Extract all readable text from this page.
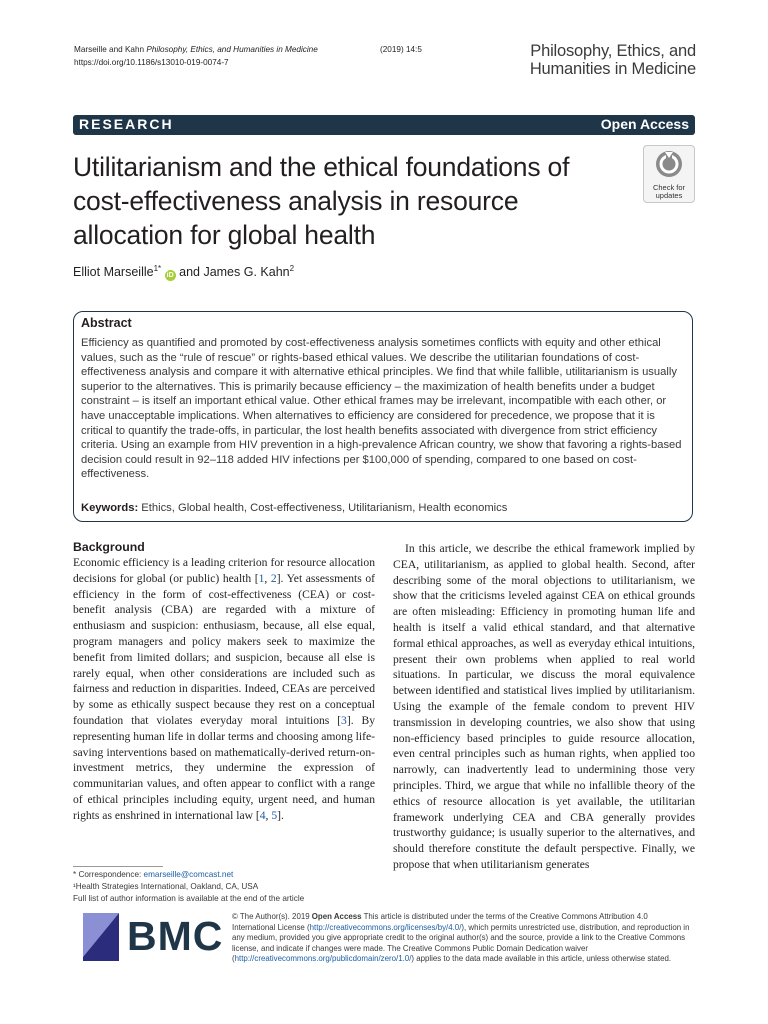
Marseille and Kahn Philosophy, Ethics, and Humanities in Medicine	(2019) 14:5
https://doi.org/10.1186/s13010-019-0074-7
Philosophy, Ethics, and
Humanities in Medicine
RESEARCH	Open Access
Utilitarianism and the ethical foundations of cost-effectiveness analysis in resource allocation for global health
Check for
updates
Elliot Marseille$^{1*}$ iD and James G. Kahn$^2$
Abstract
Efficiency as quantified and promoted by cost-effectiveness analysis sometimes conflicts with equity and other ethical values, such as the “rule of rescue” or rights-based ethical values. We describe the utilitarian foundations of cost-effectiveness analysis and compare it with alternative ethical principles. We find that while fallible, utilitarianism is usually superior to the alternatives. This is primarily because efficiency – the maximization of health benefits under a budget constraint – is itself an important ethical value. Other ethical frames may be irrelevant, incompatible with each other, or have unacceptable implications. When alternatives to efficiency are considered for precedence, we propose that it is critical to quantify the trade-offs, in particular, the lost health benefits associated with divergence from strict efficiency criteria. Using an example from HIV prevention in a high-prevalence African country, we show that favoring a rights-based decision could result in 92–118 added HIV infections per $100,000 of spending, compared to one based on cost-effectiveness.
Keywords: Ethics, Global health, Cost-effectiveness, Utilitarianism, Health economics
Background
Economic efficiency is a leading criterion for resource allocation decisions for global (or public) health [1, 2]. Yet assessments of efficiency in the form of cost-effectiveness (CEA) or cost-benefit analysis (CBA) are regarded with a mixture of enthusiasm and suspicion: enthusiasm, because, all else equal, program managers and policy makers seek to maximize the benefit from limited dollars; and suspicion, because all else is rarely equal, when other considerations are included such as fairness and reduction in disparities. Indeed, CEAs are perceived by some as ethically suspect because they rest on a conceptual foundation that violates everyday moral intuitions [3]. By representing human life in dollar terms and choosing among life-saving interventions based on mathematically-derived return-on-investment metrics, they undermine the expression of communitarian values, and often appear to conflict with a range of ethical principles including equity, urgent need, and human rights as enshrined in international law [4, 5].
In this article, we describe the ethical framework implied by CEA, utilitarianism, as applied to global health. Second, after describing some of the moral objections to utilitarianism, we show that the criticisms leveled against CEA on ethical grounds are often misleading: Efficiency in promoting human life and health is itself a valid ethical standard, and that alternative formal ethical approaches, as well as everyday ethical intuitions, present their own problems when applied to real world situations. In particular, we discuss the moral equivalence between identified and statistical lives implied by utilitarianism. Using the example of the female condom to prevent HIV transmission in developing countries, we also show that using non-efficiency based principles to guide resource allocation, even central principles such as human rights, when applied too narrowly, can inadvertently lead to undermining those very principles. Third, we argue that while no infallible theory of the ethics of resource allocation is yet available, the utilitarian framework underlying CEA and CBA generally provides trustworthy guidance; is usually superior to the alternatives, and should therefore constitute the default perspective. Finally, we propose that when utilitarianism generates
* Correspondence: emarseille@comcast.net
¹Health Strategies International, Oakland, CA, USA
Full list of author information is available at the end of the article
BMC © The Author(s). 2019 Open Access This article is distributed under the terms of the Creative Commons Attribution 4.0 International License (http://creativecommons.org/licenses/by/4.0/), which permits unrestricted use, distribution, and reproduction in any medium, provided you give appropriate credit to the original author(s) and the source, provide a link to the Creative Commons license, and indicate if changes were made. The Creative Commons Public Domain Dedication waiver (http://creativecommons.org/publicdomain/zero/1.0/) applies to the data made available in this article, unless otherwise stated.
